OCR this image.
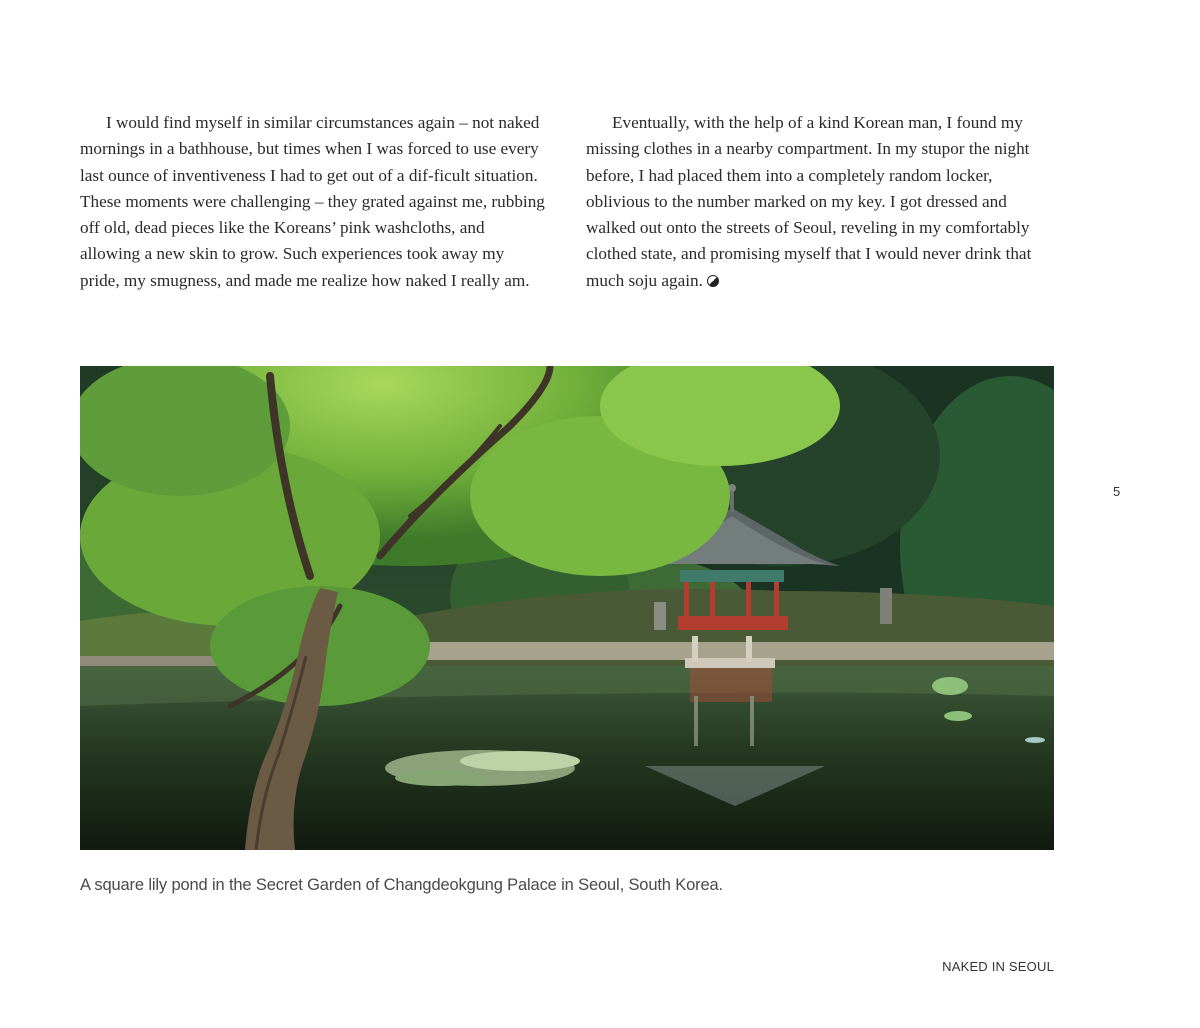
I would find myself in similar circumstances again – not naked mornings in a bathhouse, but times when I was forced to use every last ounce of inventiveness I had to get out of a dif-ficult situation. These moments were challenging – they grated against me, rubbing off old, dead pieces like the Koreans’ pink washcloths, and allowing a new skin to grow. Such experiences took away my pride, my smugness, and made me realize how naked I really am.

Eventually, with the help of a kind Korean man, I found my missing clothes in a nearby compartment. In my stupor the night before, I had placed them into a completely random locker, oblivious to the number marked on my key. I got dressed and walked out onto the streets of Seoul, reveling in my comfortably clothed state, and promising myself that I would never drink that much soju again.

A square lily pond in the Secret Garden of Changdeokgung Palace in Seoul, South Korea.
5
NAKED IN SEOUL
